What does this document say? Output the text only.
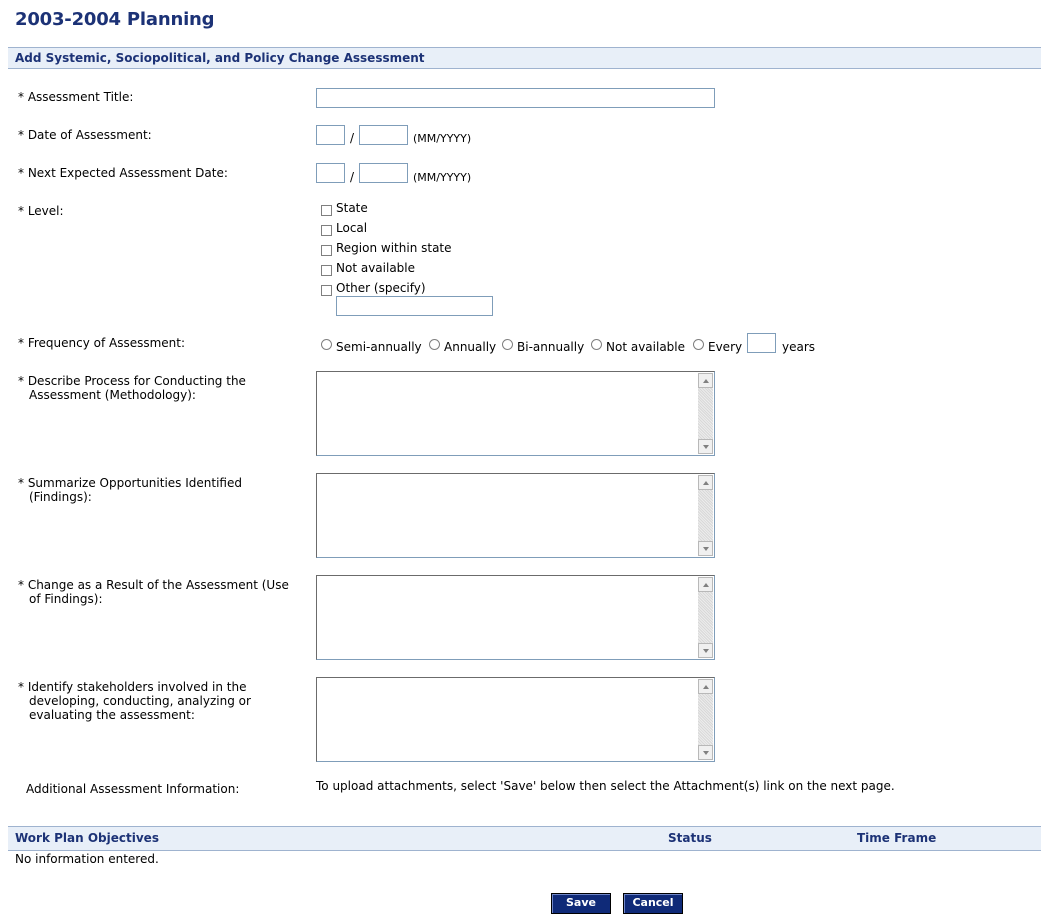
2003-2004 Planning
Add Systemic, Sociopolitical, and Policy Change Assessment
* Assessment Title:
* Date of Assessment:	/	(MM/YYYY)
* Next Expected Assessment Date:	/	(MM/YYYY)
* Level:	State
Local
Region within state
Not available
Other (specify)
* Frequency of Assessment:	Semi-annually Annually Bi-annually Not available Every	years
* Describe Process for Conducting the
Assessment (Methodology):
* Summarize Opportunities Identified
(Findings):
* Change as a Result of the Assessment (Use
of Findings):
* Identify stakeholders involved in the
developing, conducting, analyzing or
evaluating the assessment:
Additional Assessment Information:	To upload attachments, select 'Save' below then select the Attachment(s) link on the next page.
Work Plan Objectives	Status	Time Frame
No information entered.
Save	Cancel
